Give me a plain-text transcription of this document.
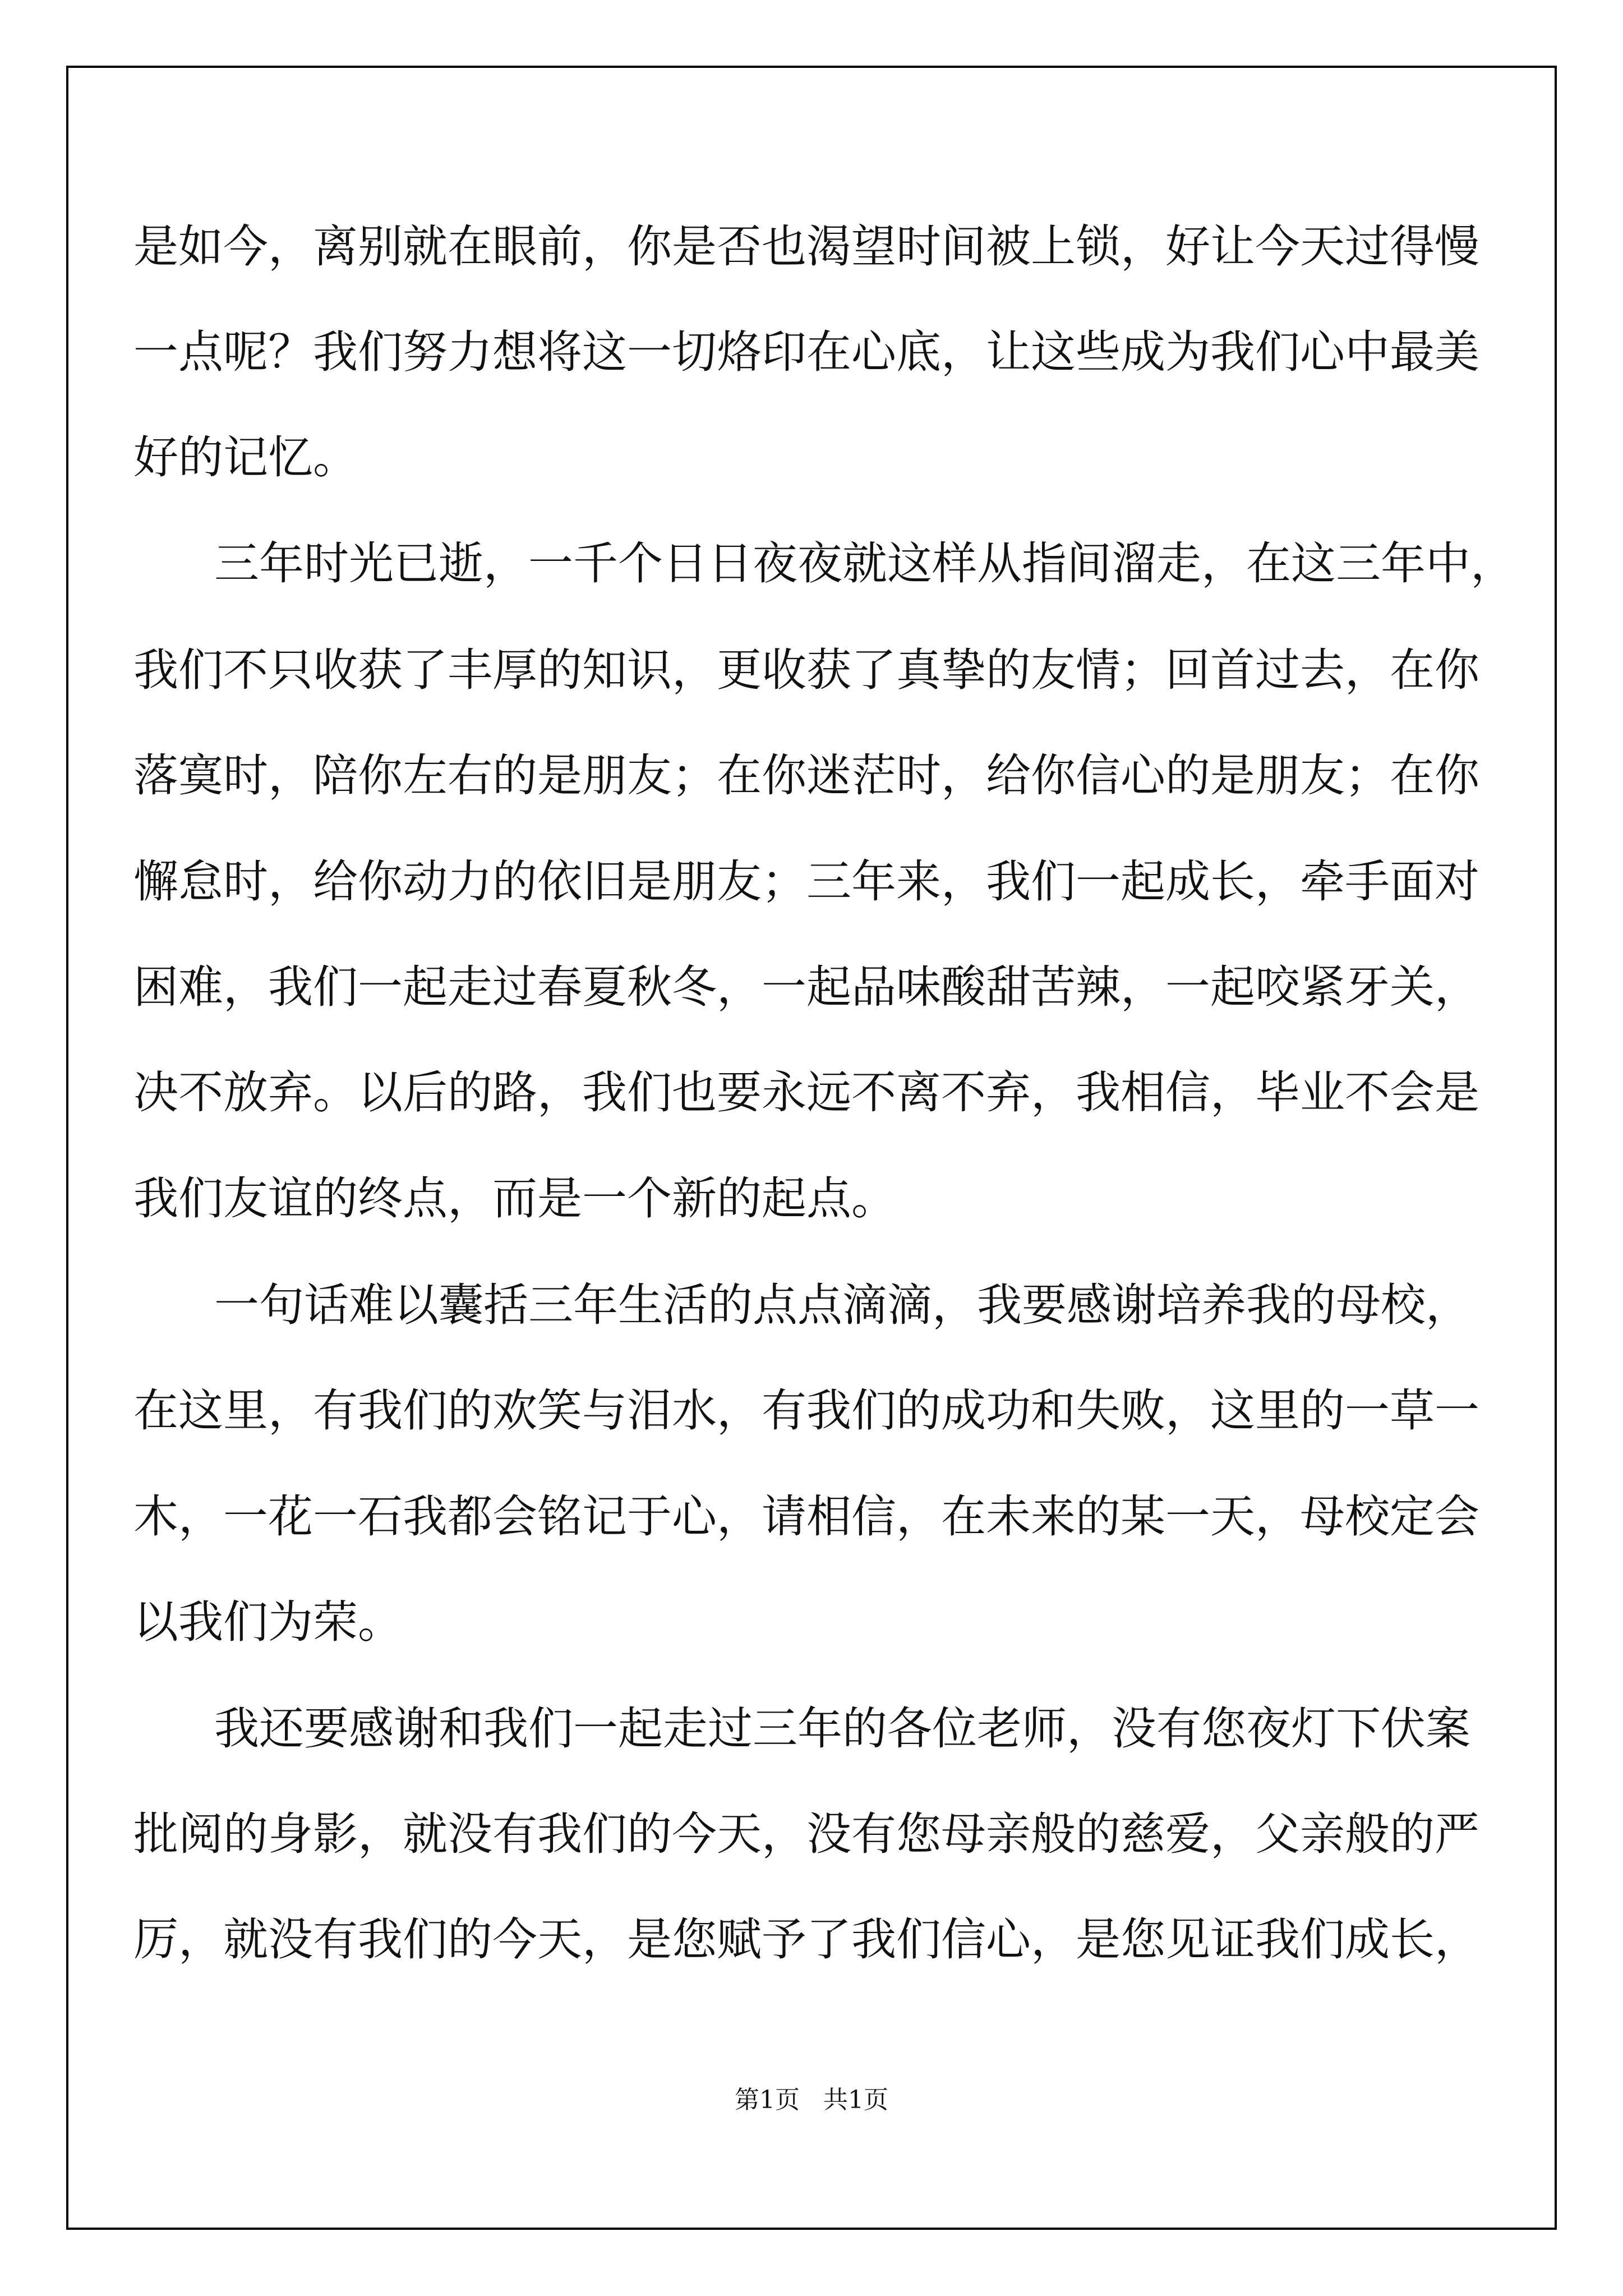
是如今，离别就在眼前，你是否也渴望时间被上锁，好让今天过得慢
一点呢？我们努力想将这一切烙印在心底，让这些成为我们心中最美
好的记忆。
三年时光已逝，一千个日日夜夜就这样从指间溜走，在这三年中，
我们不只收获了丰厚的知识，更收获了真挚的友情；回首过去，在你
落寞时，陪你左右的是朋友；在你迷茫时，给你信心的是朋友；在你
懈怠时，给你动力的依旧是朋友；三年来，我们一起成长，牵手面对
困难，我们一起走过春夏秋冬，一起品味酸甜苦辣，一起咬紧牙关，
决不放弃。以后的路，我们也要永远不离不弃，我相信，毕业不会是
我们友谊的终点，而是一个新的起点。
一句话难以囊括三年生活的点点滴滴，我要感谢培养我的母校，
在这里，有我们的欢笑与泪水，有我们的成功和失败，这里的一草一
木，一花一石我都会铭记于心，请相信，在未来的某一天，母校定会
以我们为荣。
我还要感谢和我们一起走过三年的各位老师，没有您夜灯下伏案
批阅的身影，就没有我们的今天，没有您母亲般的慈爱，父亲般的严
厉，就没有我们的今天，是您赋予了我们信心，是您见证我们成长，
第1页   共1页
